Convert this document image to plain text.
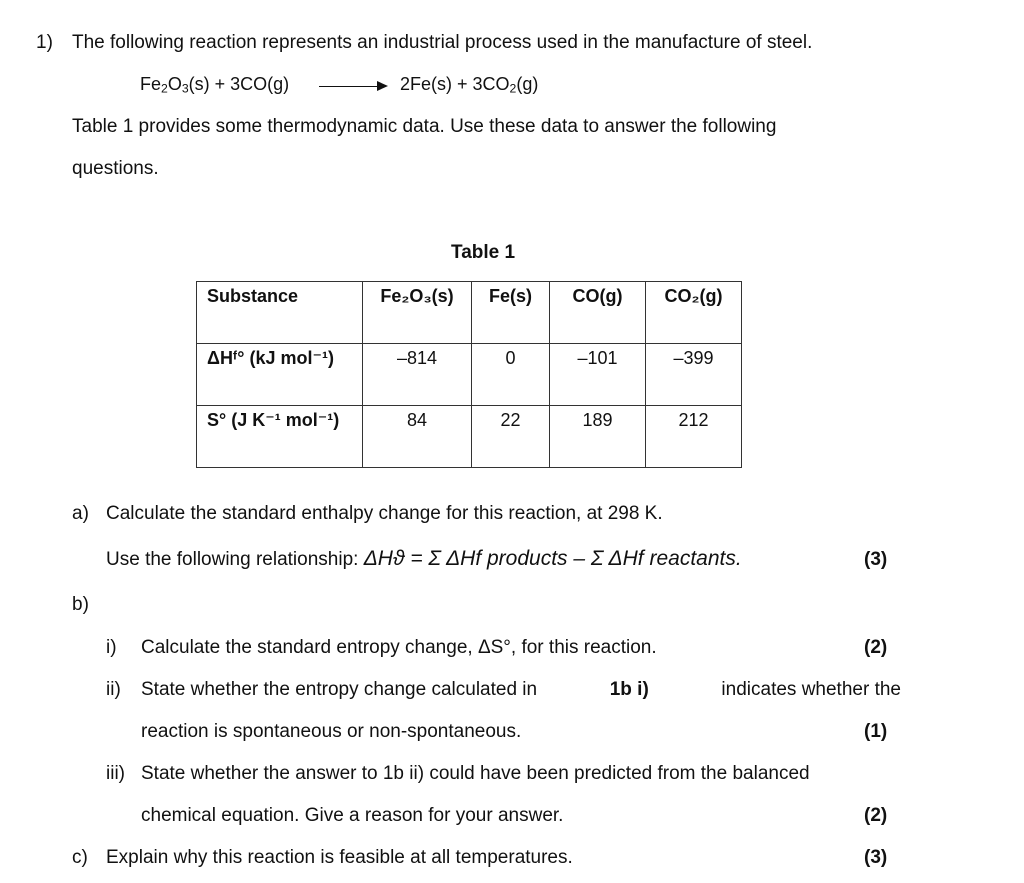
1) The following reaction represents an industrial process used in the manufacture of steel.
$Fe_2O_3(s) + 3CO(g)$	$2Fe(s) + 3CO_2(g)$
Table 1 provides some thermodynamic data. Use these data to answer the following
questions.
Table 1
Substance	Fe₂O₃(s)	Fe(s)	CO(g)	CO₂(g)
ΔHᶠ° (kJ mol⁻¹)	–814	0	–101	–399
S° (J K⁻¹ mol⁻¹)	84	22	189	212
a) Calculate the standard enthalpy change for this reaction, at 298 K.
Use the following relationship: ΔHϑ = Σ ΔHf products – Σ ΔHf reactants.	(3)
b)
i) Calculate the standard entropy change, ΔS°, for this reaction.	(2)
ii) State whether the entropy change calculated in	1b i)	indicates whether the
reaction is spontaneous or non-spontaneous.	(1)
iii) State whether the answer to 1b ii) could have been predicted from the balanced
chemical equation. Give a reason for your answer.	(2)
c) Explain why this reaction is feasible at all temperatures.	(3)
